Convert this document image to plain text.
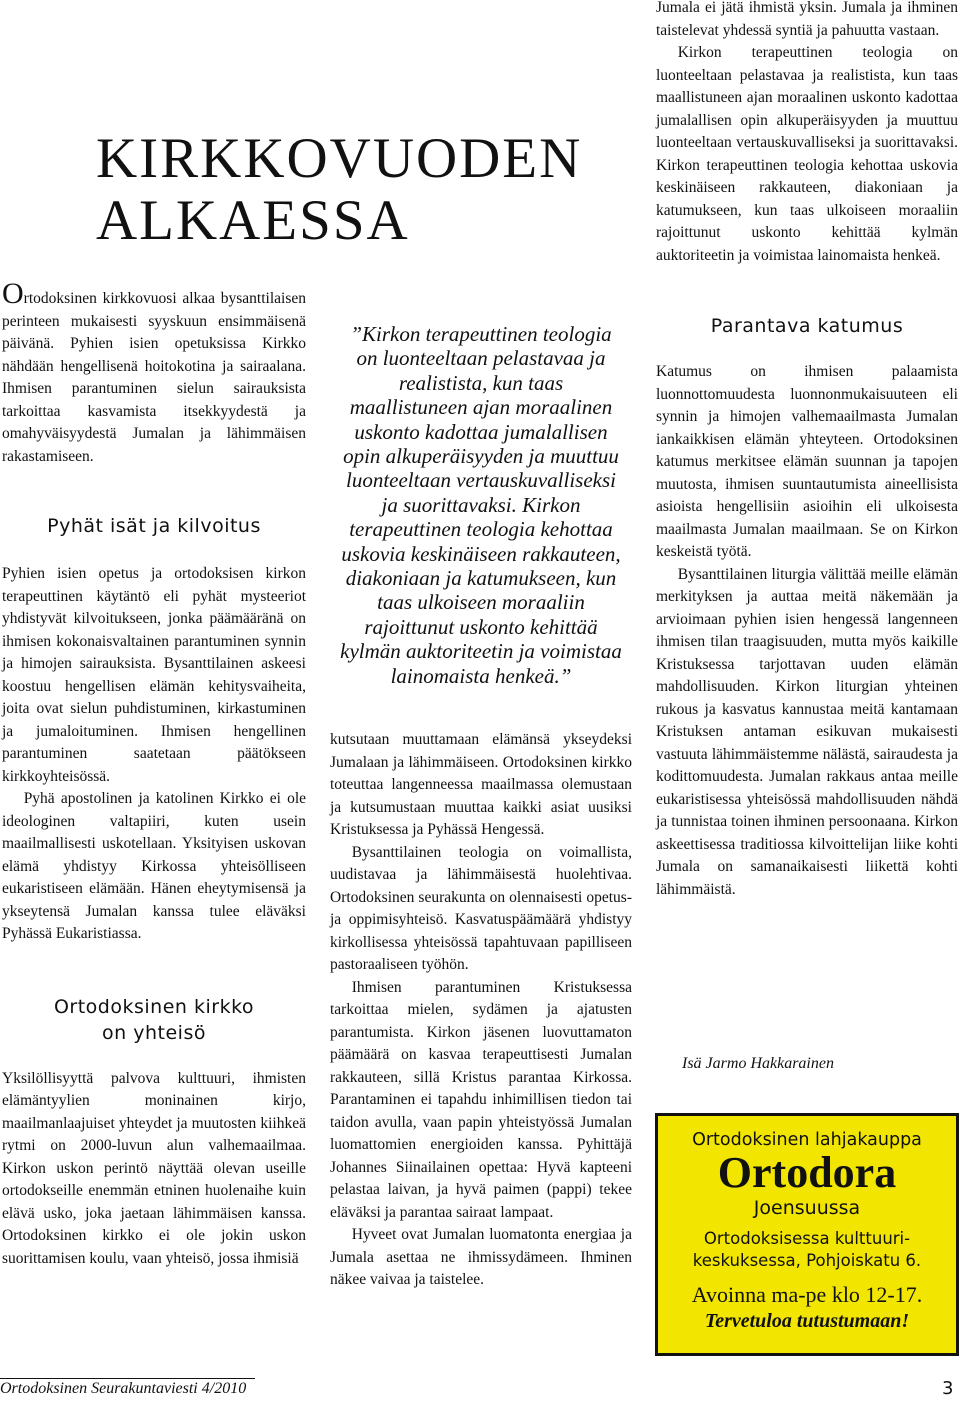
KIRKKOVUODEN
ALKAESSA

Ortodoksinen kirkkovuosi alkaa bysanttilaisen perinteen mukaisesti syyskuun ensimmäisenä päivänä. Pyhien isien opetuksissa Kirkko nähdään hengellisenä hoitokotina ja sairaalana. Ihmisen parantuminen sielun sairauksista tarkoittaa kasvamista itsekkyydestä ja omahyväisyydestä Jumalan ja lähimmäisen rakastamiseen.

Pyhät isät ja kilvoitus

Pyhien isien opetus ja ortodoksisen kirkon terapeuttinen käytäntö eli pyhät mysteeriot yhdistyvät kilvoitukseen, jonka päämääränä on ihmisen kokonaisvaltainen parantuminen synnin ja himojen sairauksista. Bysanttilainen askeesi koostuu hengellisen elämän kehitysvaiheita, joita ovat sielun puhdistuminen, kirkastuminen ja jumaloituminen. Ihmisen hengellinen parantuminen saatetaan päätökseen kirkkoyhteisössä.

Pyhä apostolinen ja katolinen Kirkko ei ole ideologinen valtapiiri, kuten usein maailmallisesti uskotellaan. Yksityisen uskovan elämä yhdistyy Kirkossa yhteisölliseen eukaristiseen elämään. Hänen eheytymisensä ja ykseytensä Jumalan kanssa tulee eläväksi Pyhässä Eukaristiassa.

Ortodoksinen kirkko
on yhteisö

Yksilöllisyyttä palvova kulttuuri, ihmisten elämäntyylien moninainen kirjo, maailmanlaajuiset yhteydet ja muutosten kiihkeä rytmi on 2000-luvun alun valhemaailmaa. Kirkon uskon perintö näyttää olevan useille ortodokseille enemmän etninen huolenaihe kuin elävä usko, joka jaetaan lähimmäisen kanssa. Ortodoksinen kirkko ei ole jokin uskon suorittamisen koulu, vaan yhteisö, jossa ihmisiä

”Kirkon terapeuttinen teologia on luonteeltaan pelastavaa ja realistista, kun taas maallistuneen ajan moraalinen uskonto kadottaa jumalallisen opin alkuperäisyyden ja muuttuu luonteeltaan vertauskuvalliseksi ja suorittavaksi. Kirkon terapeuttinen teologia kehottaa uskovia keskinäiseen rakkauteen, diakoniaan ja katumukseen, kun taas ulkoiseen moraaliin rajoittunut uskonto kehittää kylmän auktoriteetin ja voimistaa lainomaista henkeä.”

kutsutaan muuttamaan elämänsä ykseydeksi Jumalaan ja lähimmäiseen. Ortodoksinen kirkko toteuttaa langenneessa maailmassa olemustaan ja kutsumustaan muuttaa kaikki asiat uusiksi Kristuksessa ja Pyhässä Hengessä.

Bysanttilainen teologia on voimallista, uudistavaa ja lähimmäisestä huolehtivaa. Ortodoksinen seurakunta on olennaisesti opetus- ja oppimisyhteisö. Kasvatuspäämäärä yhdistyy kirkollisessa yhteisössä tapahtuvaan papilliseen pastoraaliseen työhön.

Ihmisen parantuminen Kristuksessa tarkoittaa mielen, sydämen ja ajatusten parantumista. Kirkon jäsenen luovuttamaton päämäärä on kasvaa terapeuttisesti Jumalan rakkauteen, sillä Kristus parantaa Kirkossa. Parantaminen ei tapahdu inhimillisen tiedon tai taidon avulla, vaan papin yhteistyössä Jumalan luomattomien energioiden kanssa. Pyhittäjä Johannes Siinailainen opettaa: Hyvä kapteeni pelastaa laivan, ja hyvä paimen (pappi) tekee eläväksi ja parantaa sairaat lampaat.

Hyveet ovat Jumalan luomatonta energiaa ja Jumala asettaa ne ihmissydämeen. Ihminen näkee vaivaa ja taistelee.

Jumala ei jätä ihmistä yksin. Jumala ja ihminen taistelevat yhdessä syntiä ja pahuutta vastaan.

Kirkon terapeuttinen teologia on luonteeltaan pelastavaa ja realistista, kun taas maallistuneen ajan moraalinen uskonto kadottaa jumalallisen opin alkuperäisyyden ja muuttuu luonteeltaan vertauskuvalliseksi ja suorittavaksi. Kirkon terapeuttinen teologia kehottaa uskovia keskinäiseen rakkauteen, diakoniaan ja katumukseen, kun taas ulkoiseen moraaliin rajoittunut uskonto kehittää kylmän auktoriteetin ja voimistaa lainomaista henkeä.

Parantava katumus

Katumus on ihmisen palaamista luonnottomuudesta luonnonmukaisuuteen eli synnin ja himojen valhemaailmasta Jumalan iankaikkisen elämän yhteyteen. Ortodoksinen katumus merkitsee elämän suunnan ja tapojen muutosta, ihmisen suuntautumista aineellisista asioista hengellisiin asioihin eli ulkoisesta maailmasta Jumalan maailmaan. Se on Kirkon keskeistä työtä.

Bysanttilainen liturgia välittää meille elämän merkityksen ja auttaa meitä näkemään ja arvioimaan pyhien isien hengessä langenneen ihmisen tilan traagisuuden, mutta myös kaikille Kristuksessa tarjottavan uuden elämän mahdollisuuden. Kirkon liturgian yhteinen rukous ja kasvatus kannustaa meitä kantamaan Kristuksen antaman esikuvan mukaisesti vastuuta lähimmäistemme nälästä, sairaudesta ja kodittomuudesta. Jumalan rakkaus antaa meille eukaristisessa yhteisössä mahdollisuuden nähdä ja tunnistaa toinen ihminen persoonaana. Kirkon askeettisessa traditiossa kilvoittelijan liike kohti Jumala on samanaikaisesti liikettä kohti lähimmäistä.

Isä Jarmo Hakkarainen
Ortodoksinen lahjakauppa
Ortodora
Joensuussa
Ortodoksisessa kulttuuri-
keskuksessa, Pohjoiskatu 6.
Avoinna ma-pe klo 12-17.
Tervetuloa tutustumaan!
Ortodoksinen Seurakuntaviesti 4/2010	3
